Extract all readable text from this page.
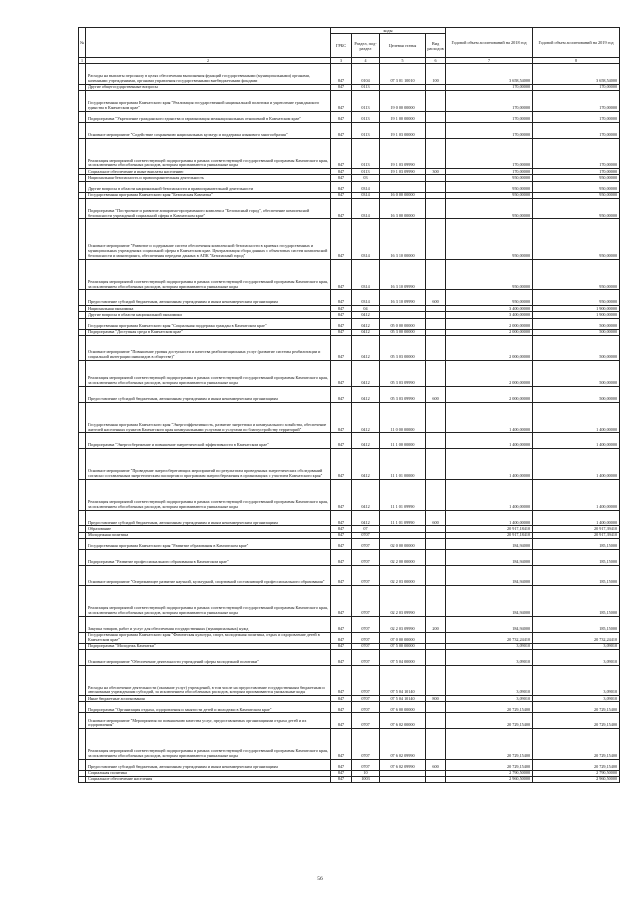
№		коды				Годовой объем ассигнований на 2018 год	Годовой объем ассигнований на 2019 год
		ГРБС	Раздел, под-раздел	Целевая статья	Вид расходов		
1	2	3	4	5	6	7	8
	Расходы на выплаты персоналу в целях обеспечения выполнения функций государственными (муниципальными) органами, казенными учреждениями, органами управления государственными внебюджетными фондами	847	0104	07 3 01 10010	100	3 658,54000	3 658,54000
	Другие общегосударственные вопросы	847	0113			170,00000	170,00000
	Государственная программа Камчатского края "Реализация государственной национальной политики и укрепление гражданского единства в Камчатском крае"	847	0113	19 0 00 00000		170,00000	170,00000
	Подпрограмма "Укрепление гражданского единства и гармонизация межнациональных отношений в Камчатском крае"	847	0113	19 1 00 00000		170,00000	170,00000
	Основное мероприятие "Содействие сохранению национальных культур и поддержка языкового многообразия"	847	0113	19 1 03 00000		170,00000	170,00000
	Реализация мероприятий соответствующей подпрограммы в рамках соответствующей государственной программы Камчатского края, за исключением обособленных расходов, которым присваиваются уникальные коды	847	0113	19 1 03 09990		170,00000	170,00000
	Социальное обеспечение и иные выплаты населению	847	0113	19 1 03 09990	300	170,00000	170,00000
	Национальная безопасность и правоохранительная деятельность	847	03			950,00000	950,00000
	Другие вопросы в области национальной безопасности и правоохранительной деятельности	847	0314			950,00000	950,00000
	Государственная программа Камчатского края "Безопасная Камчатка"	847	0314	16 0 00 00000		950,00000	950,00000
	Подпрограмма "Построение и развитие аппаратно-программного комплекса "Безопасный город", обеспечение комплексной безопасности учреждений социальной сферы в Камчатском крае"	847	0314	16 3 00 00000		950,00000	950,00000
	Основное мероприятие "Развитие и содержание систем обеспечения комплексной безопасности в краевых государственных и муниципальных учреждениях социальной сферы в Камчатском крае. Централизация сбора данных с объектовых систем комплексной безопасности и мониторинга, обеспечения передачи данных в АПК "Безопасный город"	847	0314	16 3 10 00000		950,00000	950,00000
	Реализация мероприятий соответствующей подпрограммы в рамках соответствующей государственной программы Камчатского края, за исключением обособленных расходов, которым присваиваются уникальные коды	847	0314	16 3 10 09990		950,00000	950,00000
	Предоставление субсидий бюджетным, автономным учреждениям и иным некоммерческим организациям	847	0314	16 3 10 09990	600	950,00000	950,00000
	Национальная экономика	847	04			3 400,00000	1 900,00000
	Другие вопросы в области национальной экономики	847	0412			3 400,00000	1 900,00000
	Государственная программа Камчатского края "Социальная поддержка граждан в Камчатском крае"	847	0412	05 0 00 00000		2 000,00000	500,00000
	Подпрограмма "Доступная среда в Камчатском крае"	847	0412	05 3 00 00000		2 000,00000	500,00000
	Основное мероприятие "Повышение уровня доступности и качества реабилитационных услуг (развитие системы реабилитации и социальной интеграции инвалидов в обществе)"	847	0412	05 3 03 00000		2 000,00000	500,00000
	Реализация мероприятий соответствующей подпрограммы в рамках соответствующей государственной программы Камчатского края, за исключением обособленных расходов, которым присваиваются уникальные коды	847	0412	05 3 03 09990		2 000,00000	500,00000
	Предоставление субсидий бюджетным, автономным учреждениям и иным некоммерческим организациям	847	0412	05 3 03 09990	600	2 000,00000	500,00000
	Государственная программа Камчатского края "Энергоэффективность, развитие энергетики и коммунального хозяйства, обеспечение жителей населенных пунктов Камчатского края коммунальными услугами и услугами по благоустройству территорий"	847	0412	11 0 00 00000		1 400,00000	1 400,00000
	Подпрограмма "Энергосбережение и повышение энергетической эффективности в Камчатском крае"	847	0412	11 1 00 00000		1 400,00000	1 400,00000
	Основное мероприятие "Проведение энергосберегающих мероприятий по результатам проведенных энергетических обследований согласно составленным энергетическим паспортам и программам энергосбережения в организациях с участием Камчатского края"	847	0412	11 1 01 00000		1 400,00000	1 400,00000
	Реализация мероприятий соответствующей подпрограммы в рамках соответствующей государственной программы Камчатского края, за исключением обособленных расходов, которым присваиваются уникальные коды	847	0412	11 1 01 09990		1 400,00000	1 400,00000
	Предоставление субсидий бюджетным, автономным учреждениям и иным некоммерческим организациям	847	0412	11 1 01 09990	600	1 400,00000	1 400,00000
	Образование	847	07			20 917,18410	20 917,39410
	Молодежная политика	847	0707			20 917,18410	20 917,39410
	Государственная программа Камчатского края "Развитие образования в Камчатском крае"	847	0707	02 0 00 00000		184,94000	185,15000
	Подпрограмма "Развитие профессионального образования в Камчатском крае"	847	0707	02 2 00 00000		184,94000	185,15000
	Основное мероприятие "Опережающее развитие научной, культурной, спортивной составляющей профессионального образования"	847	0707	02 2 03 00000		184,94000	185,15000
	Реализация мероприятий соответствующей подпрограммы в рамках соответствующей государственной программы Камчатского края, за исключением обособленных расходов, которым присваиваются уникальные коды	847	0707	02 2 03 09990		184,94000	185,15000
	Закупка товаров, работ и услуг для обеспечения государственных (муниципальных) нужд	847	0707	02 2 03 09990	200	184,94000	185,15000
	Государственная программа Камчатского края "Физическая культура, спорт, молодежная политика, отдых и оздоровление детей в Камчатском крае"	847	0707	07 0 00 00000		20 732,24410	20 732,24410
	Подпрограмма "Молодежь Камчатки"	847	0707	07 5 00 00000		3,09010	3,09010
	Основное мероприятие "Обеспечение деятельности учреждений сферы молодежной политики"	847	0707	07 5 04 00000		3,09010	3,09010
	Расходы на обеспечение деятельности (оказание услуг) учреждений, в том числе на предоставление государственным бюджетным и автономным учреждениям субсидий, за исключением обособленных расходов, которым присваиваются уникальные коды	847	0707	07 5 04 10140		3,09010	3,09010
	Иные бюджетные ассигнования	847	0707	07 5 04 10140	800	3,09010	3,09010
	Подпрограмма "Организация отдыха, оздоровления и занятости детей и молодежи в Камчатском крае"	847	0707	07 6 00 00000		20 729,15400	20 729,15400
	Основное мероприятие "Мероприятия по повышению качества услуг, предоставляемых организациями отдыха детей и их оздоровления"	847	0707	07 6 02 00000		20 729,15400	20 729,15400
	Реализация мероприятий соответствующей подпрограммы в рамках соответствующей государственной программы Камчатского края, за исключением обособленных расходов, которым присваиваются уникальные коды	847	0707	07 6 02 09990		20 729,15400	20 729,15400
	Предоставление субсидий бюджетным, автономным учреждениям и иным некоммерческим организациям	847	0707	07 6 02 09990	600	20 729,15400	20 729,15400
	Социальная политика	847	10			2 790,50000	2 790,50000
	Социальное обеспечение населения	847	1003			2 960,50000	2 960,50000
56
